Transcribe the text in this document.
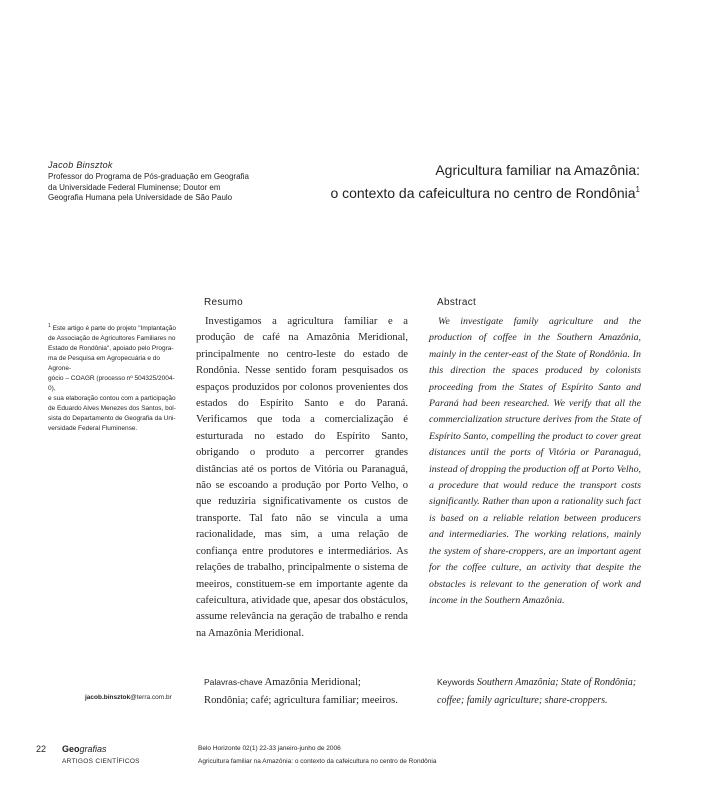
Jacob Binsztok
Professor do Programa de Pós-graduação em Geografia
da Universidade Federal Fluminense; Doutor em
Geografia Humana pela Universidade de São Paulo
Agricultura familiar na Amazônia:
o contexto da cafeicultura no centro de Rondônia$^1$
Resumo	Abstract
$^1$ Este artigo é parte do projeto "Implantação
de Associação de Agricultores Familiares no
Estado de Rondônia", apoiado pelo Progra-
ma de Pesquisa em Agropecuária e do Agrone-
gócio – COAGR (processo nº 504325/2004-0),
e sua elaboração contou com a participação
de Eduardo Alves Menezes dos Santos, bol-
sista do Departamento de Geografia da Uni-
versidade Federal Fluminense.

Investigamos a agricultura familiar e a produção de café na Amazônia Meridional, principalmente no centro-leste do estado de Rondônia. Nesse sentido foram pesquisados os espaços produzidos por colonos provenientes dos estados do Espírito Santo e do Paraná. Verificamos que toda a comercialização é esturturada no estado do Espírito Santo, obrigando o produto a percorrer grandes distâncias até os portos de Vitória ou Paranaguá, não se escoando a produção por Porto Velho, o que reduziria significativamente os custos de transporte. Tal fato não se vincula a uma racionalidade, mas sim, a uma relação de confiança entre produtores e intermediários. As relações de trabalho, principalmente o sistema de meeiros, constituem-se em importante agente da cafeicultura, atividade que, apesar dos obstáculos, assume relevância na geração de trabalho e renda na Amazônia Meridional.

We investigate family agriculture and the production of coffee in the Southern Amazônia, mainly in the center-east of the State of Rondônia. In this direction the spaces produced by colonists proceeding from the States of Espírito Santo and Paraná had been researched. We verify that all the commercialization structure derives from the State of Espírito Santo, compelling the product to cover great distances until the ports of Vitória or Paranaguá, instead of dropping the production off at Porto Velho, a procedure that would reduce the transport costs significantly. Rather than upon a rationality such fact is based on a reliable relation between producers and intermediaries. The working relations, mainly the system of share-croppers, are an important agent for the coffee culture, an activity that despite the obstacles is relevant to the generation of work and income in the Southern Amazônia.

jacob.binsztok@terra.com.br
Palavras-chave Amazônia Meridional; Rondônia; café; agricultura familiar; meeiros.
Keywords Southern Amazônia; State of Rondônia; coffee; family agriculture; share-croppers.
22 Geografias
ARTIGOS CIENTÍFICOS
Belo Horizonte 02(1) 22-33 janeiro-junho de 2006
Agricultura familiar na Amazônia: o contexto da cafeicultura no centro de Rondônia
